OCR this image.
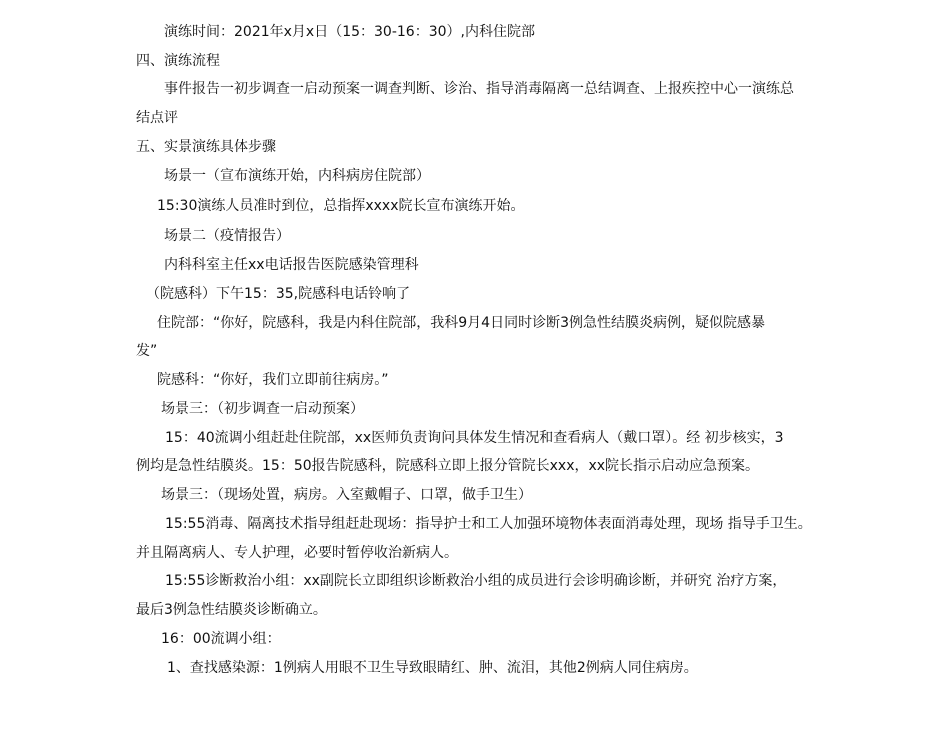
演练时间：2021年x月x日（15：30-16：30）,内科住院部
四、演练流程
事件报告一初步调查一启动预案一调查判断、诊治、指导消毒隔离一总结调查、上报疾控中心一演练总
结点评
五、实景演练具体步骤
场景一（宣布演练开始，内科病房住院部）
15:30演练人员准时到位，总指挥xxxx院长宣布演练开始。
场景二（疫情报告）
内科科室主任xx电话报告医院感染管理科
（院感科）下午15：35,院感科电话铃响了
住院部：“你好，院感科，我是内科住院部，我科9月4日同时诊断3例急性结膜炎病例，疑似院感暴
发”
院感科：“你好，我们立即前往病房。”
场景三：（初步调查一启动预案）
15：40流调小组赶赴住院部，xx医师负责询问具体发生情况和查看病人（戴口罩）。经 初步核实，3
例均是急性结膜炎。15：50报告院感科，院感科立即上报分管院长xxx，xx院长指示启动应急预案。
场景三：（现场处置，病房。入室戴帽子、口罩，做手卫生）
15:55消毒、隔离技术指导组赶赴现场：指导护士和工人加强环境物体表面消毒处理，现场 指导手卫生。
并且隔离病人、专人护理，必要时暂停收治新病人。
15:55诊断救治小组：xx副院长立即组织诊断救治小组的成员进行会诊明确诊断，并研究 治疗方案，
最后3例急性结膜炎诊断确立。
16：00流调小组：
1、查找感染源：1例病人用眼不卫生导致眼睛红、肿、流泪，其他2例病人同住病房。
